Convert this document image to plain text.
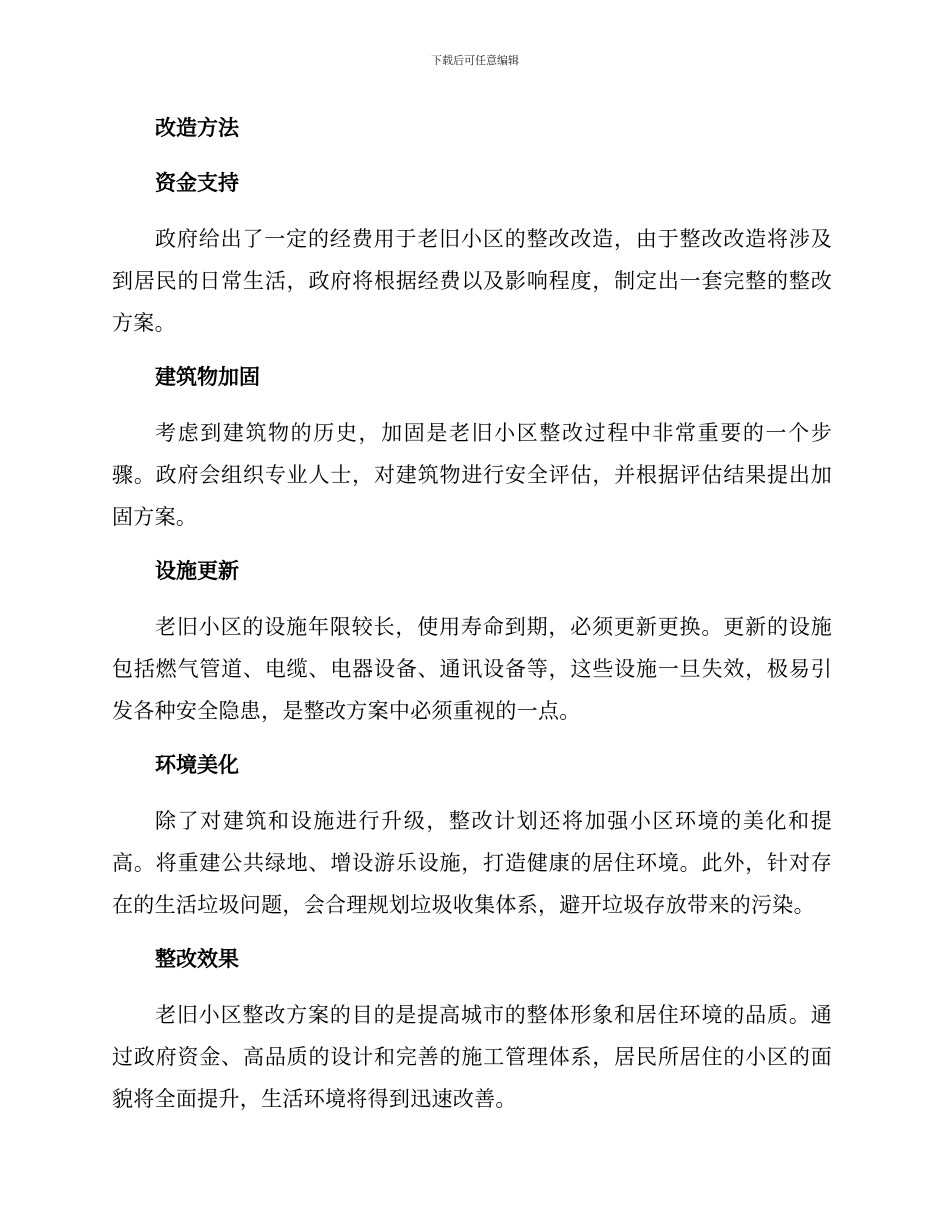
下载后可任意编辑
改造方法
资金支持

政府给出了一定的经费用于老旧小区的整改改造，由于整改改造将涉及到居民的日常生活，政府将根据经费以及影响程度，制定出一套完整的整改方案。

建筑物加固

考虑到建筑物的历史，加固是老旧小区整改过程中非常重要的一个步骤。政府会组织专业人士，对建筑物进行安全评估，并根据评估结果提出加固方案。

设施更新

老旧小区的设施年限较长，使用寿命到期，必须更新更换。更新的设施包括燃气管道、电缆、电器设备、通讯设备等，这些设施一旦失效，极易引发各种安全隐患，是整改方案中必须重视的一点。

环境美化

除了对建筑和设施进行升级，整改计划还将加强小区环境的美化和提高。将重建公共绿地、增设游乐设施，打造健康的居住环境。此外，针对存在的生活垃圾问题，会合理规划垃圾收集体系，避开垃圾存放带来的污染。

整改效果

老旧小区整改方案的目的是提高城市的整体形象和居住环境的品质。通过政府资金、高品质的设计和完善的施工管理体系，居民所居住的小区的面貌将全面提升，生活环境将得到迅速改善。
